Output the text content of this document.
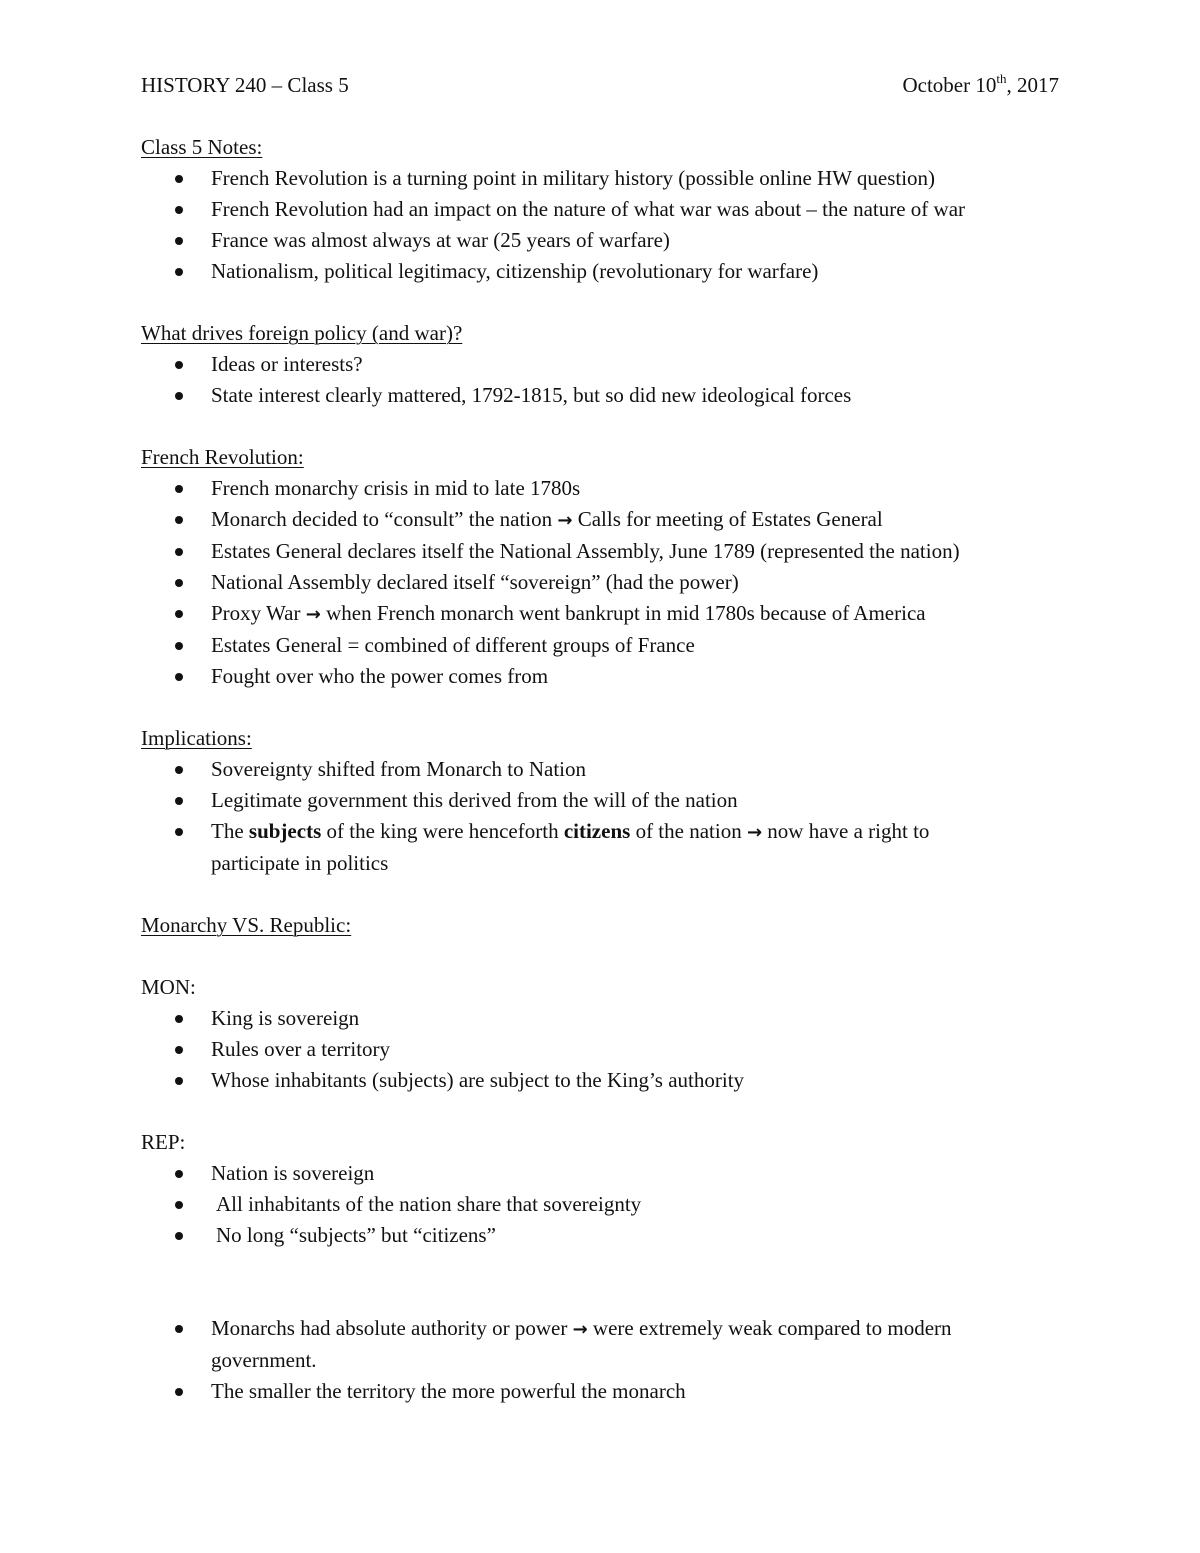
HISTORY 240 – Class 5	October 10th, 2017
Class 5 Notes:
French Revolution is a turning point in military history (possible online HW question)
French Revolution had an impact on the nature of what war was about – the nature of war
France was almost always at war (25 years of warfare)
Nationalism, political legitimacy, citizenship (revolutionary for warfare)
What drives foreign policy (and war)?
Ideas or interests?
State interest clearly mattered, 1792-1815, but so did new ideological forces
French Revolution:
French monarchy crisis in mid to late 1780s
Monarch decided to “consult” the nation → Calls for meeting of Estates General
Estates General declares itself the National Assembly, June 1789 (represented the nation)
National Assembly declared itself “sovereign” (had the power)
Proxy War → when French monarch went bankrupt in mid 1780s because of America
Estates General = combined of different groups of France
Fought over who the power comes from
Implications:
Sovereignty shifted from Monarch to Nation
Legitimate government this derived from the will of the nation
The subjects of the king were henceforth citizens of the nation → now have a right to
participate in politics
Monarchy VS. Republic:
MON:
King is sovereign
Rules over a territory
Whose inhabitants (subjects) are subject to the King’s authority
REP:
Nation is sovereign
All inhabitants of the nation share that sovereignty
No long “subjects” but “citizens”
Monarchs had absolute authority or power → were extremely weak compared to modern
government.
The smaller the territory the more powerful the monarch
